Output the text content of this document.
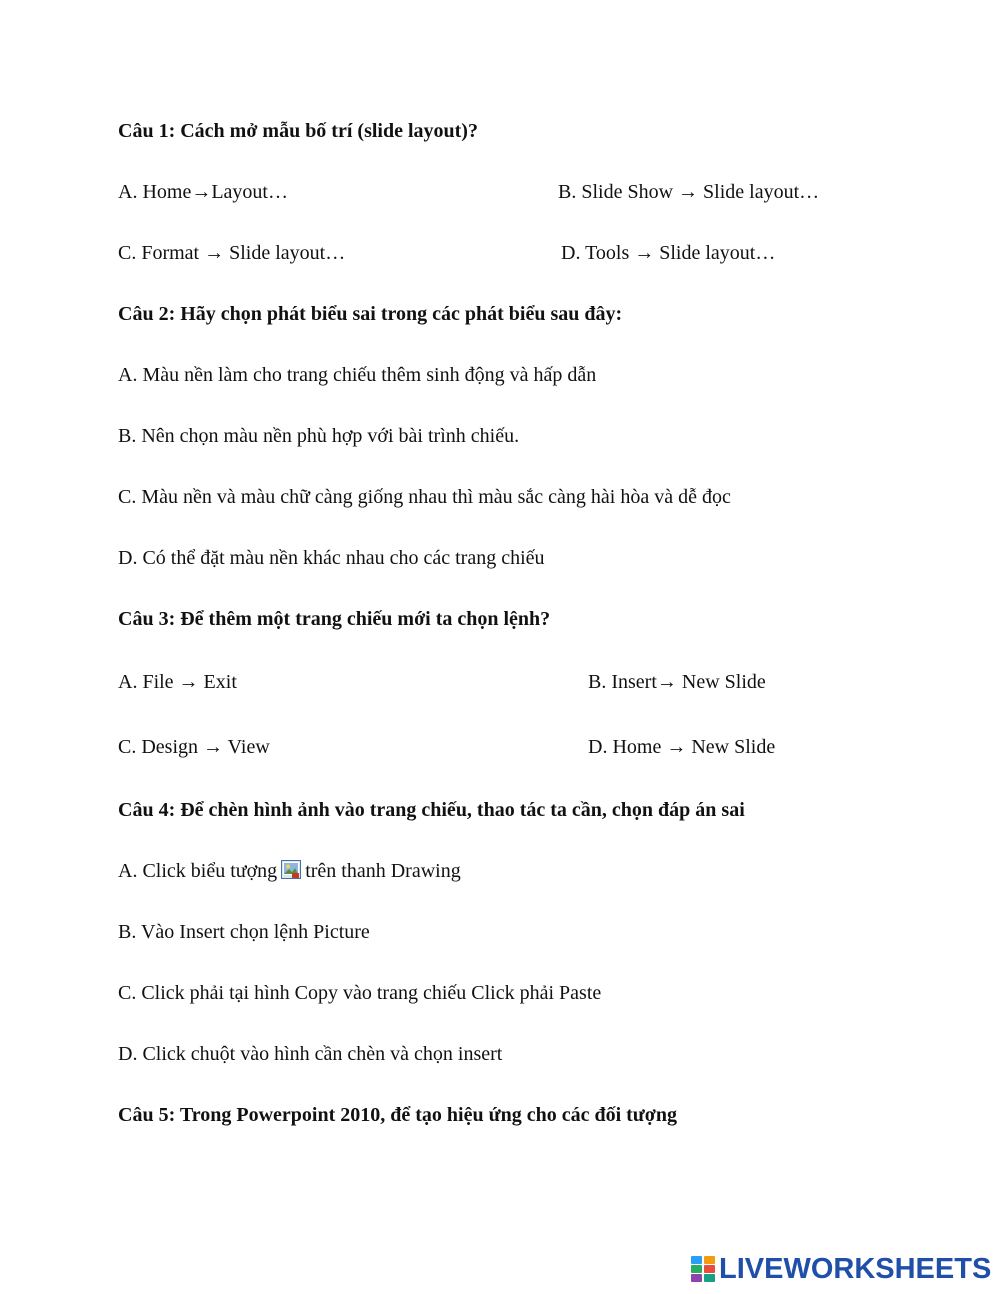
Câu 1: Cách mở mẫu bố trí (slide layout)?
A. Home→Layout…	B. Slide Show → Slide layout…
C. Format → Slide layout…	D. Tools → Slide layout…
Câu 2: Hãy chọn phát biểu sai trong các phát biểu sau đây:
A. Màu nền làm cho trang chiếu thêm sinh động và hấp dẫn
B. Nên chọn màu nền phù hợp với bài trình chiếu.
C. Màu nền và màu chữ càng giống nhau thì màu sắc càng hài hòa và dễ đọc
D. Có thể đặt màu nền khác nhau cho các trang chiếu
Câu 3: Để thêm một trang chiếu mới ta chọn lệnh?
A. File → Exit	B. Insert→ New Slide
C. Design → View	D. Home → New Slide
Câu 4: Để chèn hình ảnh vào trang chiếu, thao tác ta cần, chọn đáp án sai
A. Click biểu tượng trên thanh Drawing
B. Vào Insert chọn lệnh Picture
C. Click phải tại hình Copy vào trang chiếu Click phải Paste
D. Click chuột vào hình cần chèn và chọn insert
Câu 5: Trong Powerpoint 2010, để tạo hiệu ứng cho các đối tượng
LIVEWORKSHEETS
